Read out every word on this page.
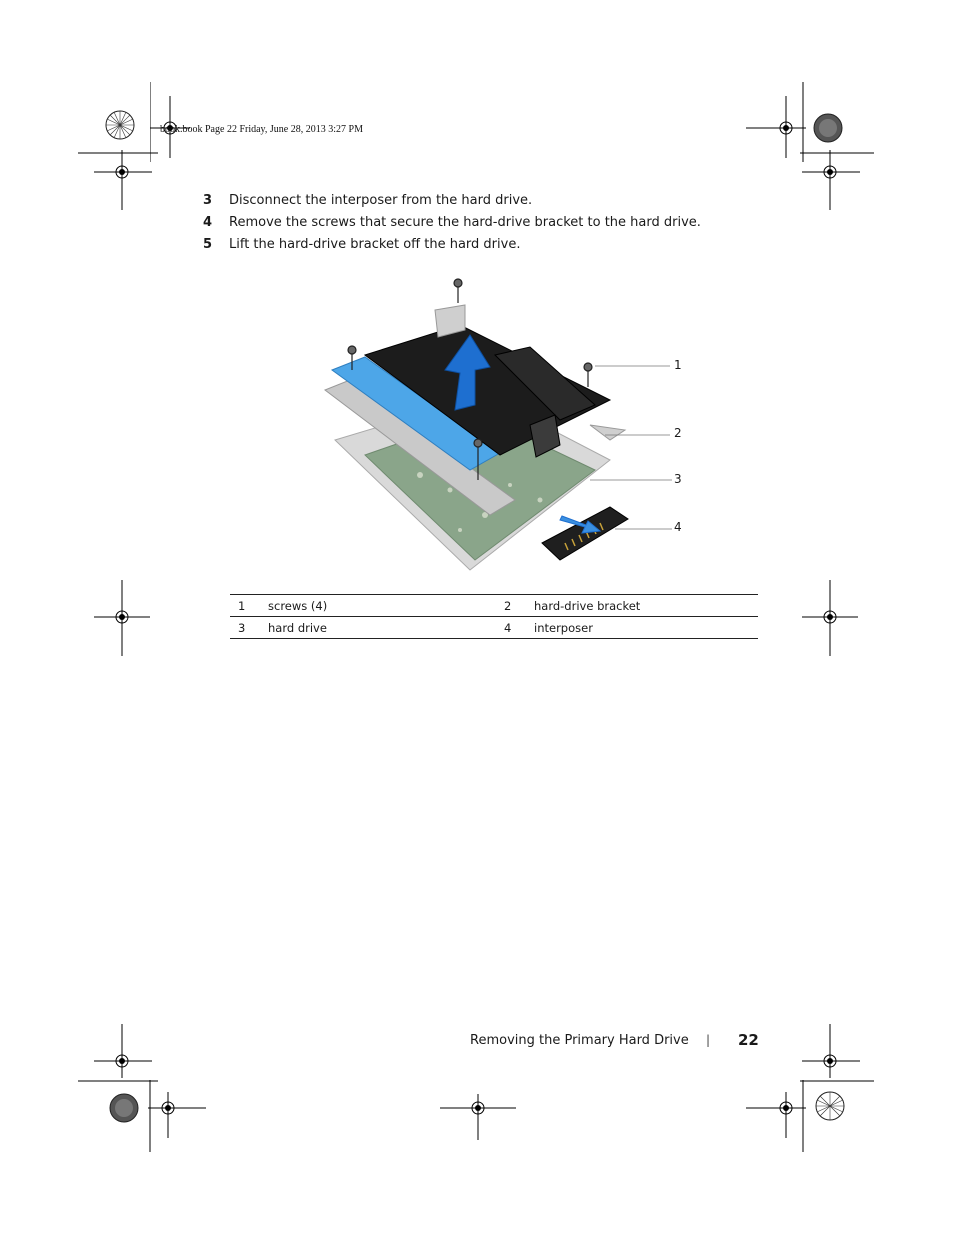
book.book Page 22 Friday, June 28, 2013 3:27 PM
3 Disconnect the interposer from the hard drive.
4 Remove the screws that secure the hard-drive bracket to the hard drive.
5 Lift the hard-drive bracket off the hard drive.
1
2
3
4
1	screws (4)	2	hard-drive bracket
3	hard drive	4	interposer
Removing the Primary Hard Drive | 22
